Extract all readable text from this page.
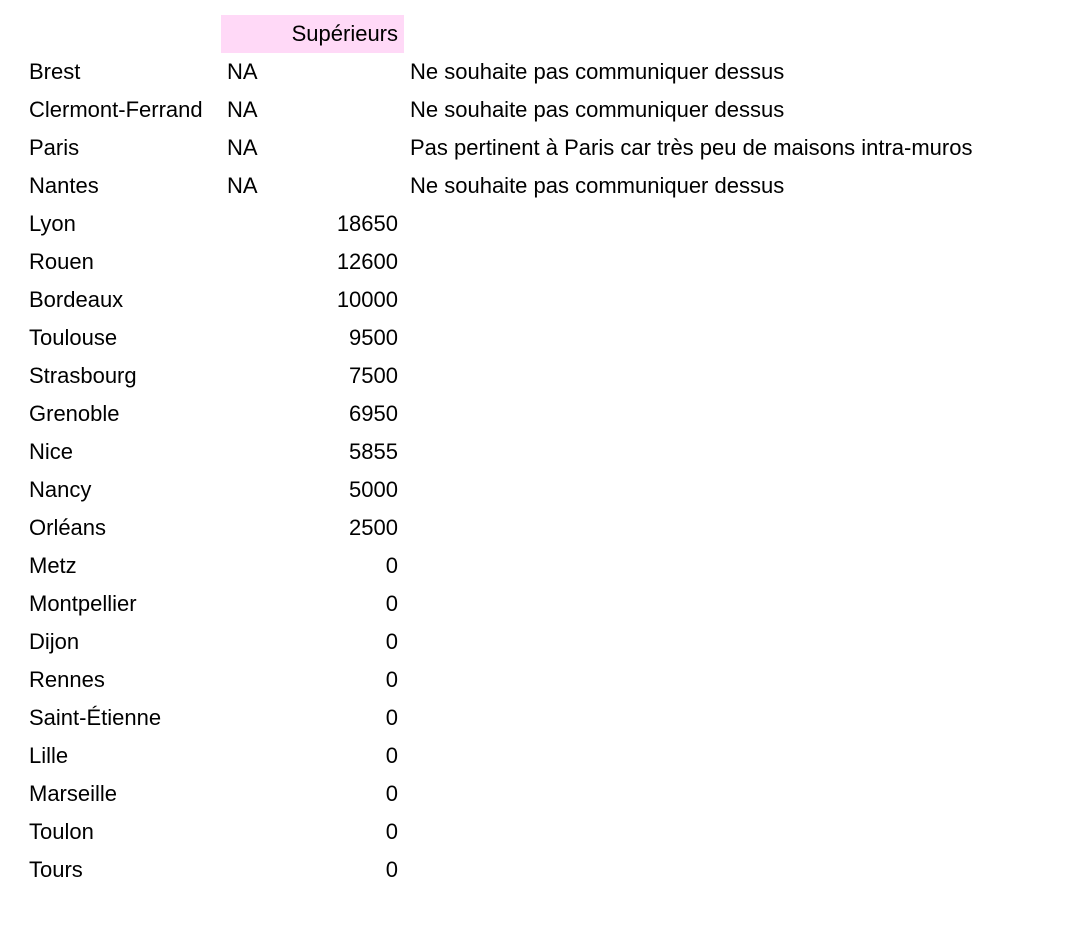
	Supérieurs	
Brest	NA	Ne souhaite pas communiquer dessus
Clermont-Ferrand	NA	Ne souhaite pas communiquer dessus
Paris	NA	Pas pertinent à Paris car très peu de maisons intra-muros
Nantes	NA	Ne souhaite pas communiquer dessus
Lyon	18650	
Rouen	12600	
Bordeaux	10000	
Toulouse	9500	
Strasbourg	7500	
Grenoble	6950	
Nice	5855	
Nancy	5000	
Orléans	2500	
Metz	0	
Montpellier	0	
Dijon	0	
Rennes	0	
Saint-Étienne	0	
Lille	0	
Marseille	0	
Toulon	0	
Tours	0	
